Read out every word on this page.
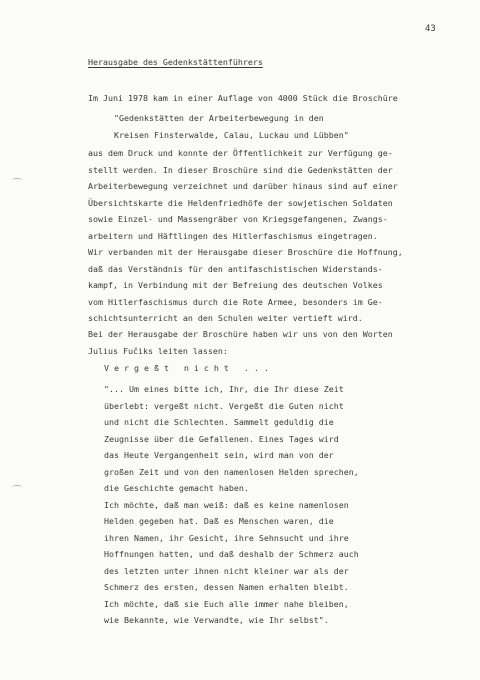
43
Herausgabe des Gedenkstättenführers
Im Juni 1978 kam in einer Auflage von 4000 Stück die Broschüre
"Gedenkstätten der Arbeiterbewegung in den
Kreisen Finsterwalde, Calau, Luckau und Lübben"
aus dem Druck und konnte der Öffentlichkeit zur Verfügung ge-
stellt werden. In dieser Broschüre sind die Gedenkstätten der
Arbeiterbewegung verzeichnet und darüber hinaus sind auf einer
Übersichtskarte die Heldenfriedhöfe der sowjetischen Soldaten
sowie Einzel- und Massengräber von Kriegsgefangenen, Zwangs-
arbeitern und Häftlingen des Hitlerfaschismus eingetragen.
Wir verbanden mit der Herausgabe dieser Broschüre die Hoffnung,
daß das Verständnis für den antifaschistischen Widerstands-
kampf, in Verbindung mit der Befreiung des deutschen Volkes
vom Hitlerfaschismus durch die Rote Armee, besonders im Ge-
schichtsunterricht an den Schulen weiter vertieft wird.
Bei der Herausgabe der Broschüre haben wir uns von den Worten
Julius Fučiks leiten lassen:
V e r g e ß t   n i c h t   . . .
"... Um eines bitte ich, Ihr, die Ihr diese Zeit
überlebt: vergeßt nicht. Vergeßt die Guten nicht
und nicht die Schlechten. Sammelt geduldig die
Zeugnisse über die Gefallenen. Eines Tages wird
das Heute Vergangenheit sein, wird man von der
großen Zeit und von den namenlosen Helden sprechen,
die Geschichte gemacht haben.
Ich möchte, daß man weiß: daß es keine namenlosen
Helden gegeben hat. Daß es Menschen waren, die
ihren Namen, ihr Gesicht, ihre Sehnsucht und ihre
Hoffnungen hatten, und daß deshalb der Schmerz auch
des letzten unter ihnen nicht kleiner war als der
Schmerz des ersten, dessen Namen erhalten bleibt.
Ich möchte, daß sie Euch alle immer nahe bleiben,
wie Bekannte, wie Verwandte, wie Ihr selbst".
